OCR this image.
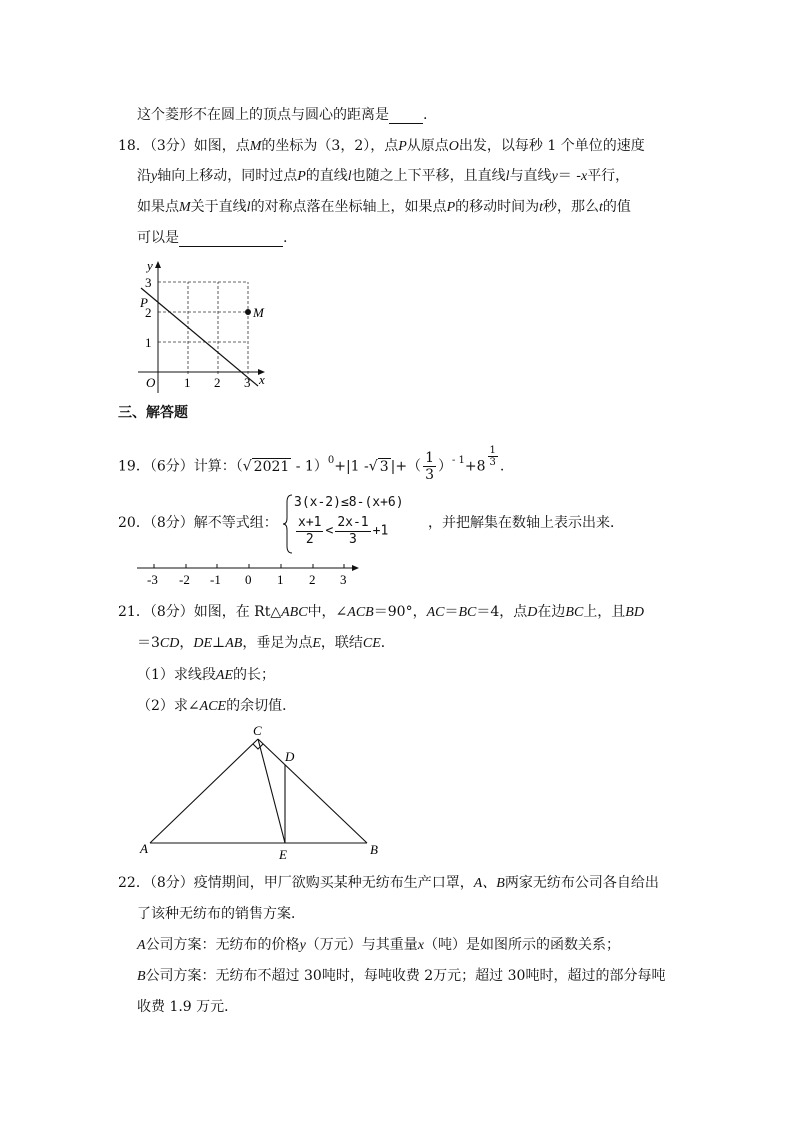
这个菱形不在圆上的顶点与圆心的距离是 .
18．（3分）如图，点M的坐标为（3，2），点P从原点O出发，以每秒 1 个单位的速度
沿y轴向上移动，同时过点P的直线l也随之上下平移，且直线l与直线y＝ -x平行，
如果点M关于直线l的对称点落在坐标轴上，如果点P的移动时间为t秒，那么t的值
可以是	.
M
P
y
x
O 1 2 3
1
2
3
三、解答题
19．（6分）计算：（√ 2021 - 1）$^0$+|1 -√ 3 |+（ $\frac{1}{3} )^{- 1}+8 \frac{1}{3}$ .
20．（8分）解不等式组：
3(x-2)≤8-(x+6)
$\frac{x+1}{2} < \frac{2x-1}{3} +1$	，并把解集在数轴上表示出来．
-3 -2 -1 0 1 2 3
21．（8分）如图，在 Rt△ABC中，∠ACB＝90°，AC＝BC＝4，点D在边BC上，且BD
＝3CD，DE⊥AB，垂足为点E，联结CE．
（1）求线段AE的长；
（2）求∠ACE的余切值．
C
D
A	B
E
22．（8分）疫情期间，甲厂欲购买某种无纺布生产口罩，A、B两家无纺布公司各自给出
了该种无纺布的销售方案．
A公司方案：无纺布的价格y（万元）与其重量x（吨）是如图所示的函数关系；
B公司方案：无纺布不超过 30吨时，每吨收费 2万元；超过 30吨时，超过的部分每吨
收费 1.9 万元．
